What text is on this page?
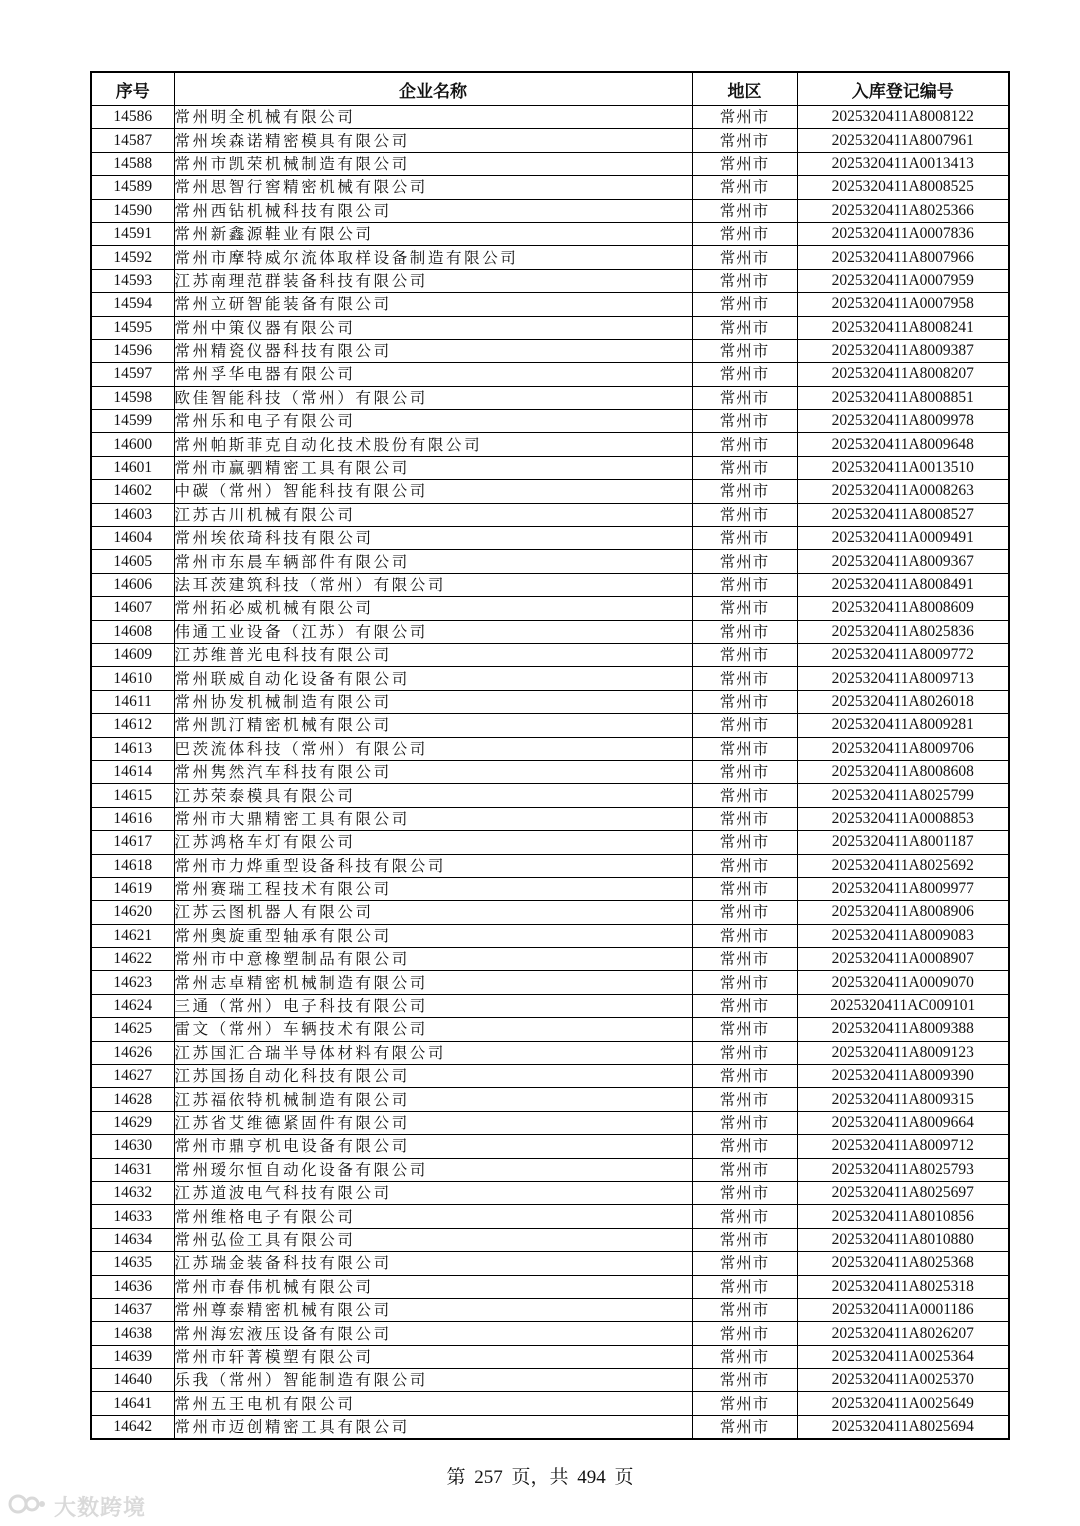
序号	企业名称	地区	入库登记编号
14586	常州明全机械有限公司	常州市	2025320411A8008122
14587	常州埃森诺精密模具有限公司	常州市	2025320411A8007961
14588	常州市凯荣机械制造有限公司	常州市	2025320411A0013413
14589	常州思智行窖精密机械有限公司	常州市	2025320411A8008525
14590	常州西钻机械科技有限公司	常州市	2025320411A8025366
14591	常州新鑫源鞋业有限公司	常州市	2025320411A0007836
14592	常州市摩特威尔流体取样设备制造有限公司	常州市	2025320411A8007966
14593	江苏南理范群装备科技有限公司	常州市	2025320411A0007959
14594	常州立研智能装备有限公司	常州市	2025320411A0007958
14595	常州中策仪器有限公司	常州市	2025320411A8008241
14596	常州精瓷仪器科技有限公司	常州市	2025320411A8009387
14597	常州孚华电器有限公司	常州市	2025320411A8008207
14598	欧佳智能科技（常州）有限公司	常州市	2025320411A8008851
14599	常州乐和电子有限公司	常州市	2025320411A8009978
14600	常州帕斯菲克自动化技术股份有限公司	常州市	2025320411A8009648
14601	常州市赢驷精密工具有限公司	常州市	2025320411A0013510
14602	中碳（常州）智能科技有限公司	常州市	2025320411A0008263
14603	江苏古川机械有限公司	常州市	2025320411A8008527
14604	常州埃依琦科技有限公司	常州市	2025320411A0009491
14605	常州市东晨车辆部件有限公司	常州市	2025320411A8009367
14606	法耳茨建筑科技（常州）有限公司	常州市	2025320411A8008491
14607	常州拓必威机械有限公司	常州市	2025320411A8008609
14608	伟通工业设备（江苏）有限公司	常州市	2025320411A8025836
14609	江苏维普光电科技有限公司	常州市	2025320411A8009772
14610	常州联威自动化设备有限公司	常州市	2025320411A8009713
14611	常州协发机械制造有限公司	常州市	2025320411A8026018
14612	常州凯汀精密机械有限公司	常州市	2025320411A8009281
14613	巴茨流体科技（常州）有限公司	常州市	2025320411A8009706
14614	常州隽然汽车科技有限公司	常州市	2025320411A8008608
14615	江苏荣泰模具有限公司	常州市	2025320411A8025799
14616	常州市大鼎精密工具有限公司	常州市	2025320411A0008853
14617	江苏鸿格车灯有限公司	常州市	2025320411A8001187
14618	常州市力烨重型设备科技有限公司	常州市	2025320411A8025692
14619	常州赛瑞工程技术有限公司	常州市	2025320411A8009977
14620	江苏云图机器人有限公司	常州市	2025320411A8008906
14621	常州奥旋重型轴承有限公司	常州市	2025320411A8009083
14622	常州市中意橡塑制品有限公司	常州市	2025320411A0008907
14623	常州志卓精密机械制造有限公司	常州市	2025320411A0009070
14624	三通（常州）电子科技有限公司	常州市	2025320411AC009101
14625	雷文（常州）车辆技术有限公司	常州市	2025320411A8009388
14626	江苏国汇合瑞半导体材料有限公司	常州市	2025320411A8009123
14627	江苏国扬自动化科技有限公司	常州市	2025320411A8009390
14628	江苏福依特机械制造有限公司	常州市	2025320411A8009315
14629	江苏省艾维德紧固件有限公司	常州市	2025320411A8009664
14630	常州市鼎亨机电设备有限公司	常州市	2025320411A8009712
14631	常州瑷尔恒自动化设备有限公司	常州市	2025320411A8025793
14632	江苏道波电气科技有限公司	常州市	2025320411A8025697
14633	常州维格电子有限公司	常州市	2025320411A8010856
14634	常州弘俭工具有限公司	常州市	2025320411A8010880
14635	江苏瑞金装备科技有限公司	常州市	2025320411A8025368
14636	常州市春伟机械有限公司	常州市	2025320411A8025318
14637	常州尊泰精密机械有限公司	常州市	2025320411A0001186
14638	常州海宏液压设备有限公司	常州市	2025320411A8026207
14639	常州市轩菁模塑有限公司	常州市	2025320411A0025364
14640	乐我（常州）智能制造有限公司	常州市	2025320411A0025370
14641	常州五王电机有限公司	常州市	2025320411A0025649
14642	常州市迈创精密工具有限公司	常州市	2025320411A8025694
第 257 页，共 494 页
大数跨境
